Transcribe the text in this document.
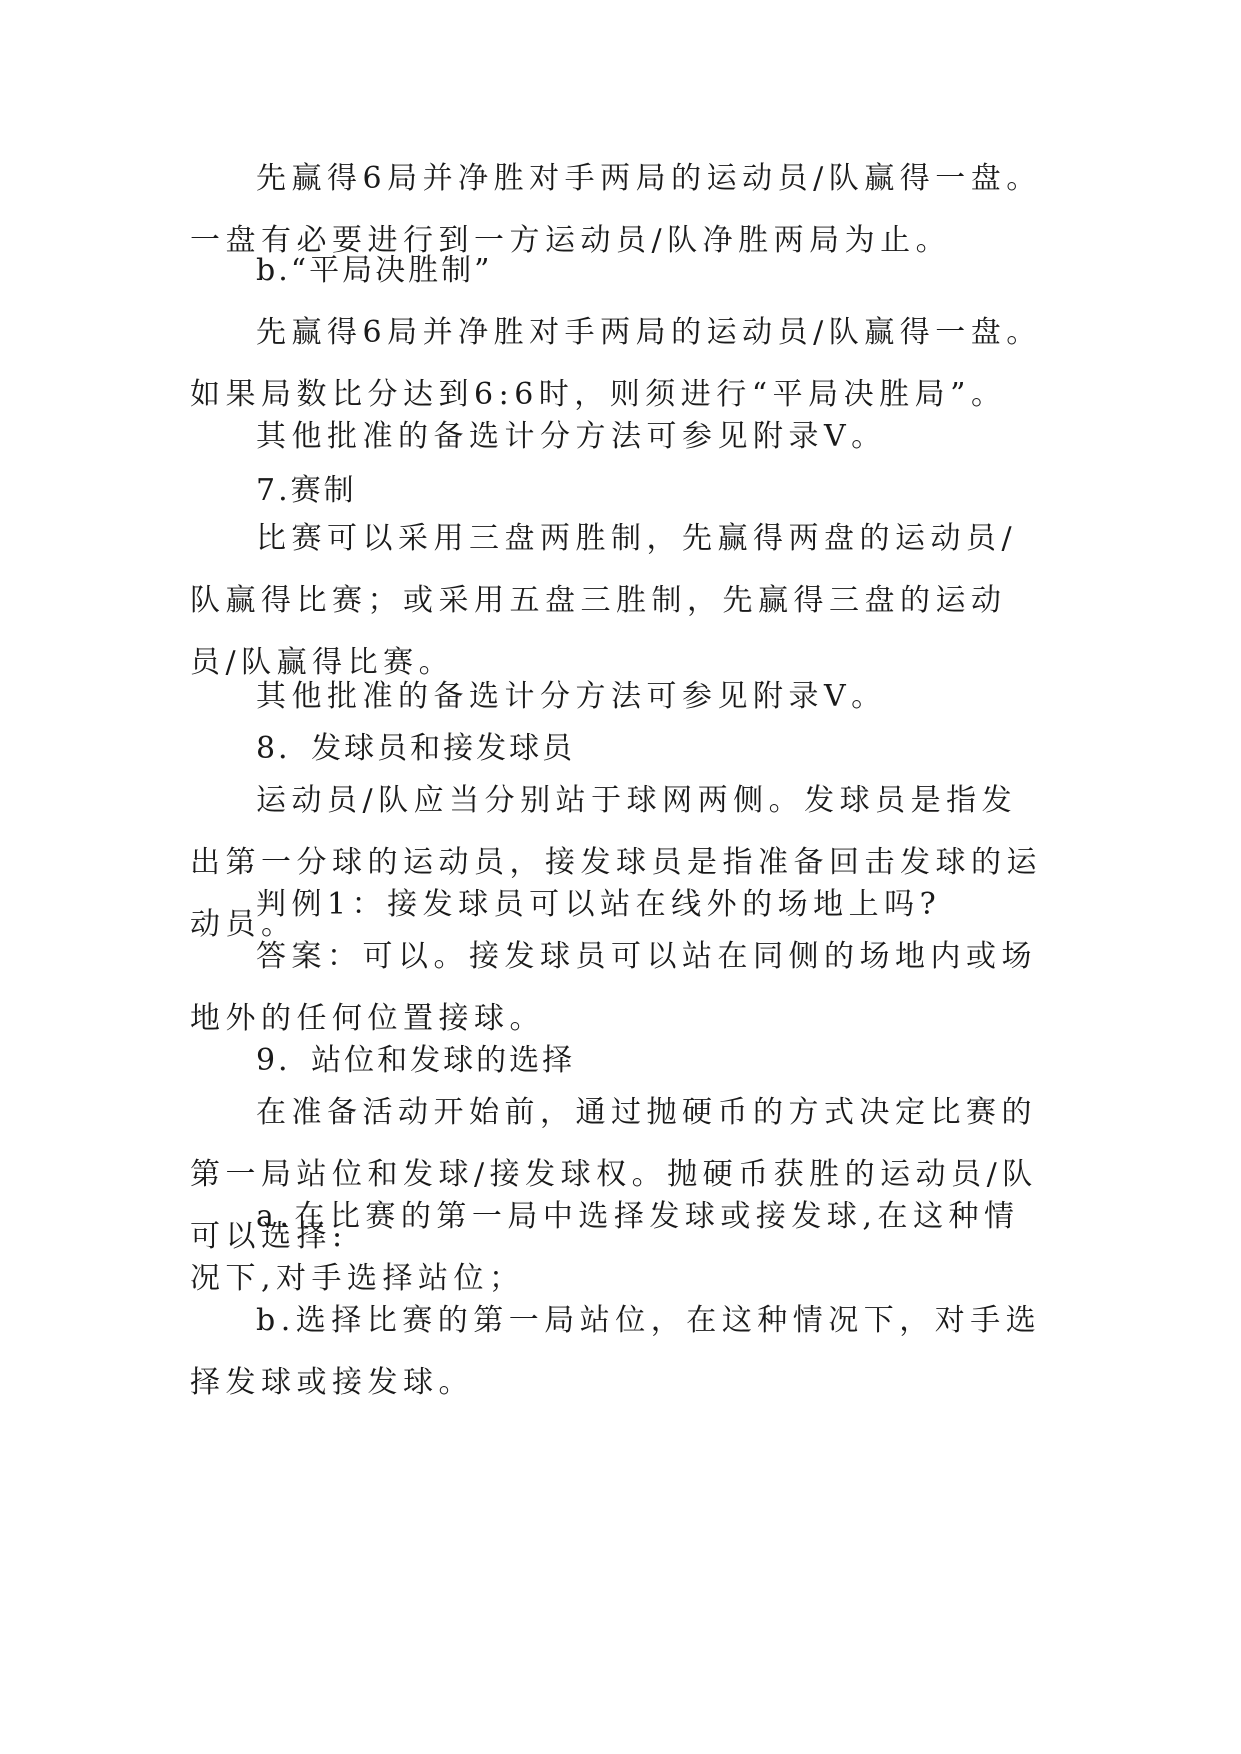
先赢得6局并净胜对手两局的运动员/队赢得一盘。一盘有必要进行到一方运动员/队净胜两局为止。

b.“平局决胜制”

先赢得6局并净胜对手两局的运动员/队赢得一盘。如果局数比分达到6:6时，则须进行“平局决胜局”。

其他批准的备选计分方法可参见附录Ⅴ。

7.赛制

比赛可以采用三盘两胜制，先赢得两盘的运动员/队赢得比赛；或采用五盘三胜制，先赢得三盘的运动员/队赢得比赛。

其他批准的备选计分方法可参见附录Ⅴ。

8．发球员和接发球员

运动员/队应当分别站于球网两侧。发球员是指发出第一分球的运动员，接发球员是指准备回击发球的运动员。

判例1：接发球员可以站在线外的场地上吗?

答案：可以。接发球员可以站在同侧的场地内或场地外的任何位置接球。

9．站位和发球的选择

在准备活动开始前，通过抛硬币的方式决定比赛的第一局站位和发球/接发球权。抛硬币获胜的运动员/队可以选择:

a.在比赛的第一局中选择发球或接发球,在这种情况下,对手选择站位；

b.选择比赛的第一局站位，在这种情况下，对手选择发球或接发球。
